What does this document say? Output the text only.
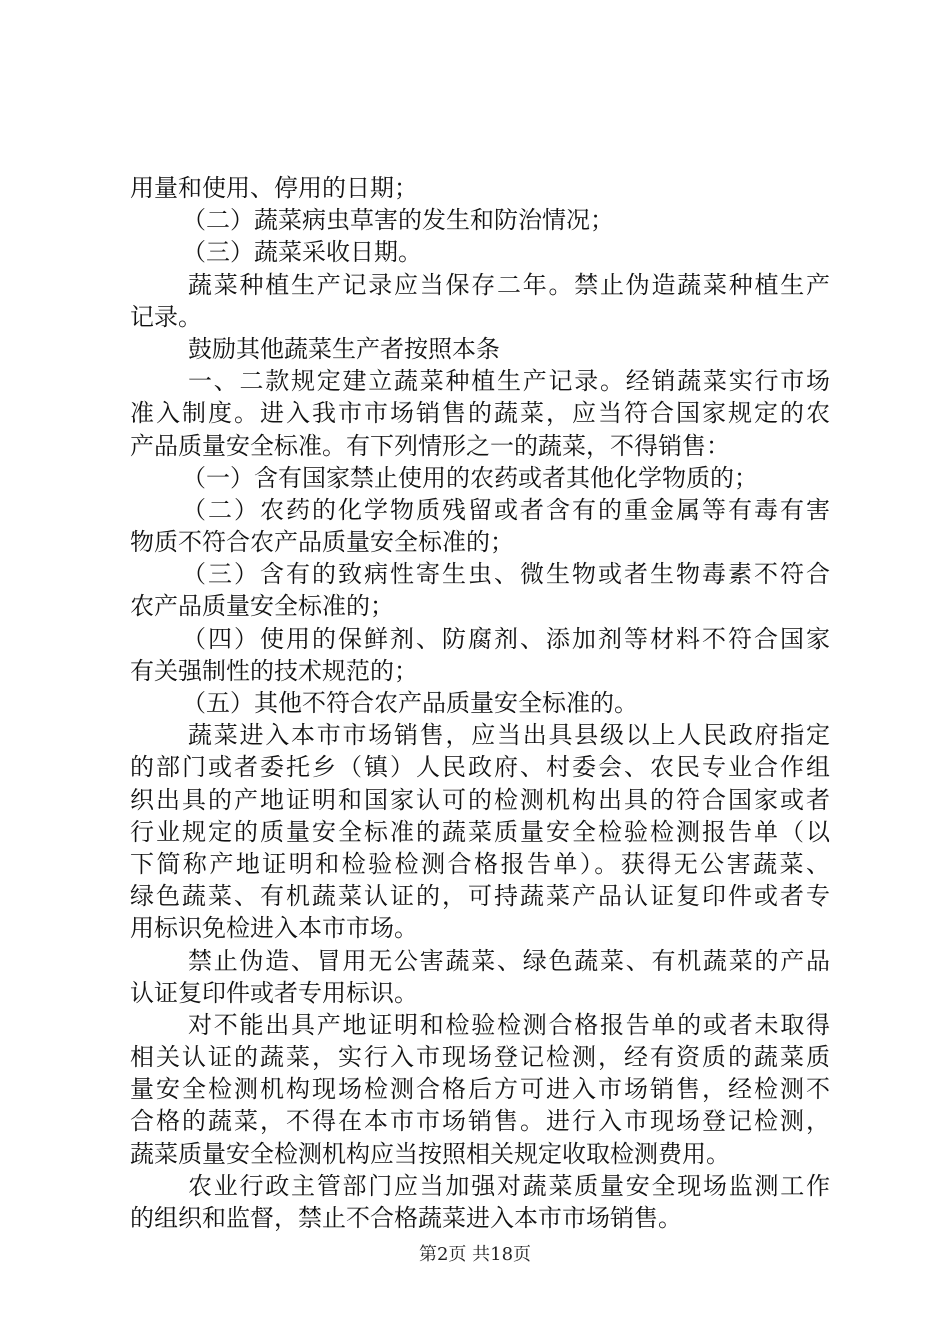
用量和使用、停用的日期；
（二）蔬菜病虫草害的发生和防治情况；
（三）蔬菜采收日期。
蔬菜种植生产记录应当保存二年。禁止伪造蔬菜种植生产
记录。
鼓励其他蔬菜生产者按照本条
一、二款规定建立蔬菜种植生产记录。经销蔬菜实行市场
准入制度。进入我市市场销售的蔬菜，应当符合国家规定的农
产品质量安全标准。有下列情形之一的蔬菜，不得销售：
（一）含有国家禁止使用的农药或者其他化学物质的；
（二）农药的化学物质残留或者含有的重金属等有毒有害
物质不符合农产品质量安全标准的；
（三）含有的致病性寄生虫、微生物或者生物毒素不符合
农产品质量安全标准的；
（四）使用的保鲜剂、防腐剂、添加剂等材料不符合国家
有关强制性的技术规范的；
（五）其他不符合农产品质量安全标准的。
蔬菜进入本市市场销售，应当出具县级以上人民政府指定
的部门或者委托乡（镇）人民政府、村委会、农民专业合作组
织出具的产地证明和国家认可的检测机构出具的符合国家或者
行业规定的质量安全标准的蔬菜质量安全检验检测报告单（以
下简称产地证明和检验检测合格报告单）。获得无公害蔬菜、
绿色蔬菜、有机蔬菜认证的，可持蔬菜产品认证复印件或者专
用标识免检进入本市市场。
禁止伪造、冒用无公害蔬菜、绿色蔬菜、有机蔬菜的产品
认证复印件或者专用标识。
对不能出具产地证明和检验检测合格报告单的或者未取得
相关认证的蔬菜，实行入市现场登记检测，经有资质的蔬菜质
量安全检测机构现场检测合格后方可进入市场销售，经检测不
合格的蔬菜，不得在本市市场销售。进行入市现场登记检测，
蔬菜质量安全检测机构应当按照相关规定收取检测费用。
农业行政主管部门应当加强对蔬菜质量安全现场监测工作
的组织和监督，禁止不合格蔬菜进入本市市场销售。
第2页 共18页
